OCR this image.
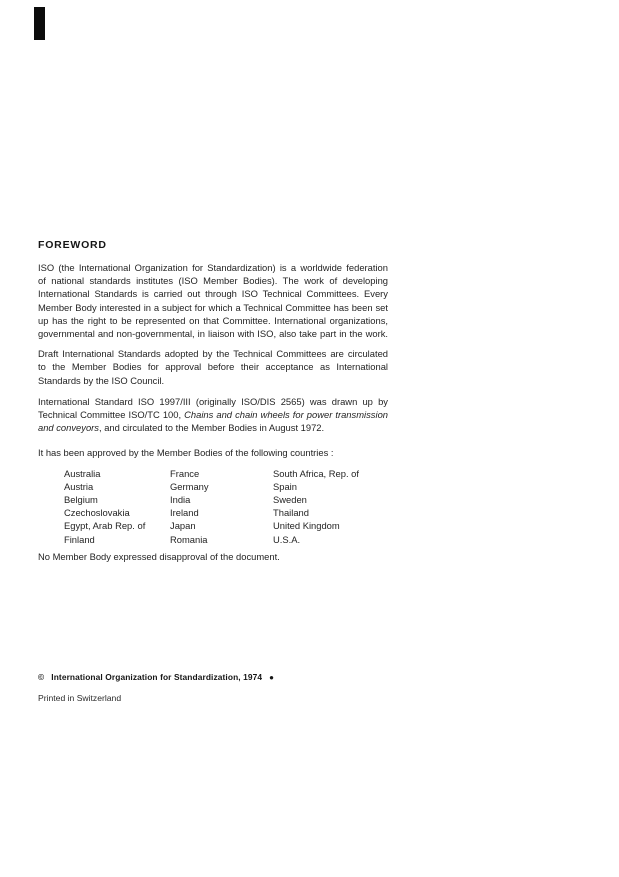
FOREWORD
ISO (the International Organization for Standardization) is a worldwide federation
of national standards institutes (ISO Member Bodies). The work of developing
International Standards is carried out through ISO Technical Committees. Every
Member Body interested in a subject for which a Technical Committee has been set
up has the right to be represented on that Committee. International organizations,
governmental and non-governmental, in liaison with ISO, also take part in the work.
Draft International Standards adopted by the Technical Committees are circulated
to the Member Bodies for approval before their acceptance as International
Standards by the ISO Council.
International Standard ISO 1997/III (originally ISO/DIS 2565) was drawn up by
Technical Committee ISO/TC 100, Chains and chain wheels for power transmission
and conveyors, and circulated to the Member Bodies in August 1972.

It has been approved by the Member Bodies of the following countries :

Australia
Austria
Belgium
Czechoslovakia
Egypt, Arab Rep. of
Finland
France
Germany
India
Ireland
Japan
Romania
South Africa, Rep. of
Spain
Sweden
Thailand
United Kingdom
U.S.A.

No Member Body expressed disapproval of the document.

© International Organization for Standardization, 1974 ●
Printed in Switzerland
